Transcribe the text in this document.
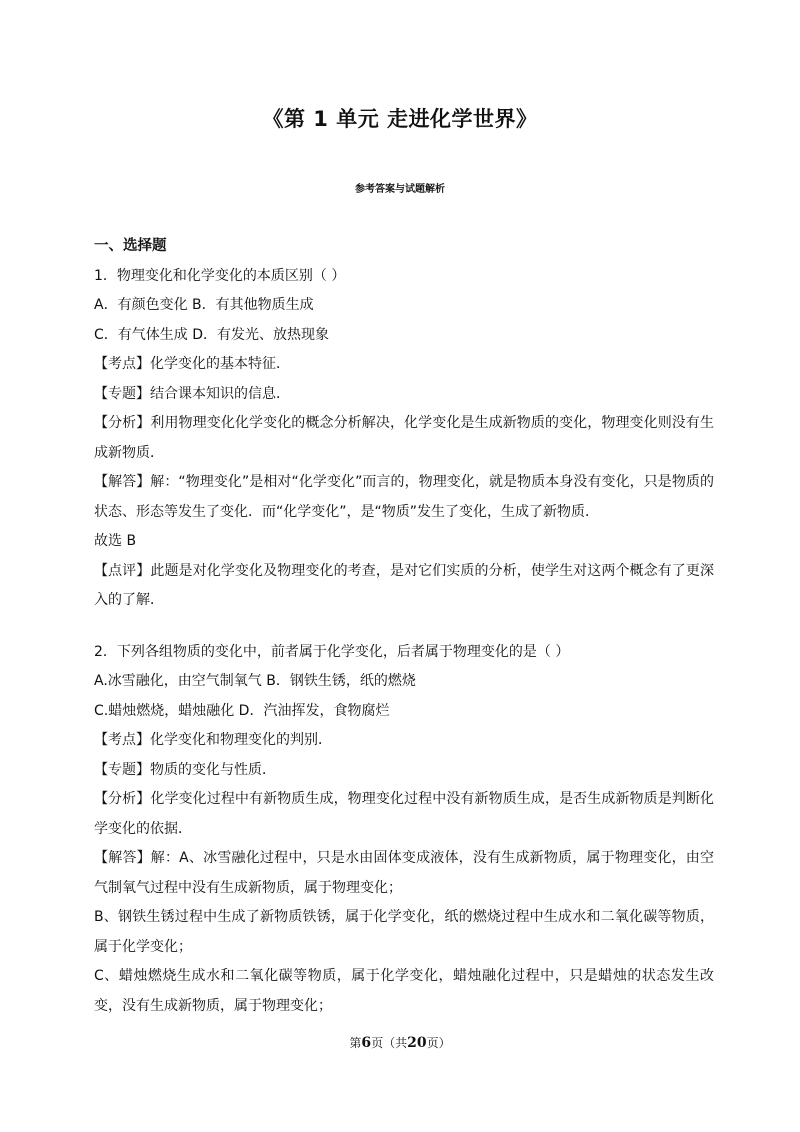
《第 1 单元 走进化学世界》
参考答案与试题解析

一、选择题

1．物理变化和化学变化的本质区别（ ）

A．有颜色变化 B．有其他物质生成

C．有气体生成 D．有发光、放热现象

【考点】化学变化的基本特征．

【专题】结合课本知识的信息．

【分析】利用物理变化化学变化的概念分析解决，化学变化是生成新物质的变化，物理变化则没有生成新物质．

【解答】解：“物理变化”是相对“化学变化”而言的，物理变化，就是物质本身没有变化，只是物质的状态、形态等发生了变化．而“化学变化”，是“物质”发生了变化，生成了新物质．

故选 B

【点评】此题是对化学变化及物理变化的考查，是对它们实质的分析，使学生对这两个概念有了更深入的了解．

2．下列各组物质的变化中，前者属于化学变化，后者属于物理变化的是（ ）

A.冰雪融化，由空气制氧气 B．钢铁生锈，纸的燃烧

C.蜡烛燃烧，蜡烛融化 D．汽油挥发，食物腐烂

【考点】化学变化和物理变化的判别．

【专题】物质的变化与性质．

【分析】化学变化过程中有新物质生成，物理变化过程中没有新物质生成，是否生成新物质是判断化学变化的依据．

【解答】解：A、冰雪融化过程中，只是水由固体变成液体，没有生成新物质，属于物理变化，由空气制氧气过程中没有生成新物质，属于物理变化；

B、钢铁生锈过程中生成了新物质铁锈，属于化学变化，纸的燃烧过程中生成水和二氧化碳等物质，属于化学变化；

C、蜡烛燃烧生成水和二氧化碳等物质，属于化学变化，蜡烛融化过程中，只是蜡烛的状态发生改变，没有生成新物质，属于物理变化；

第6页（共20页）
